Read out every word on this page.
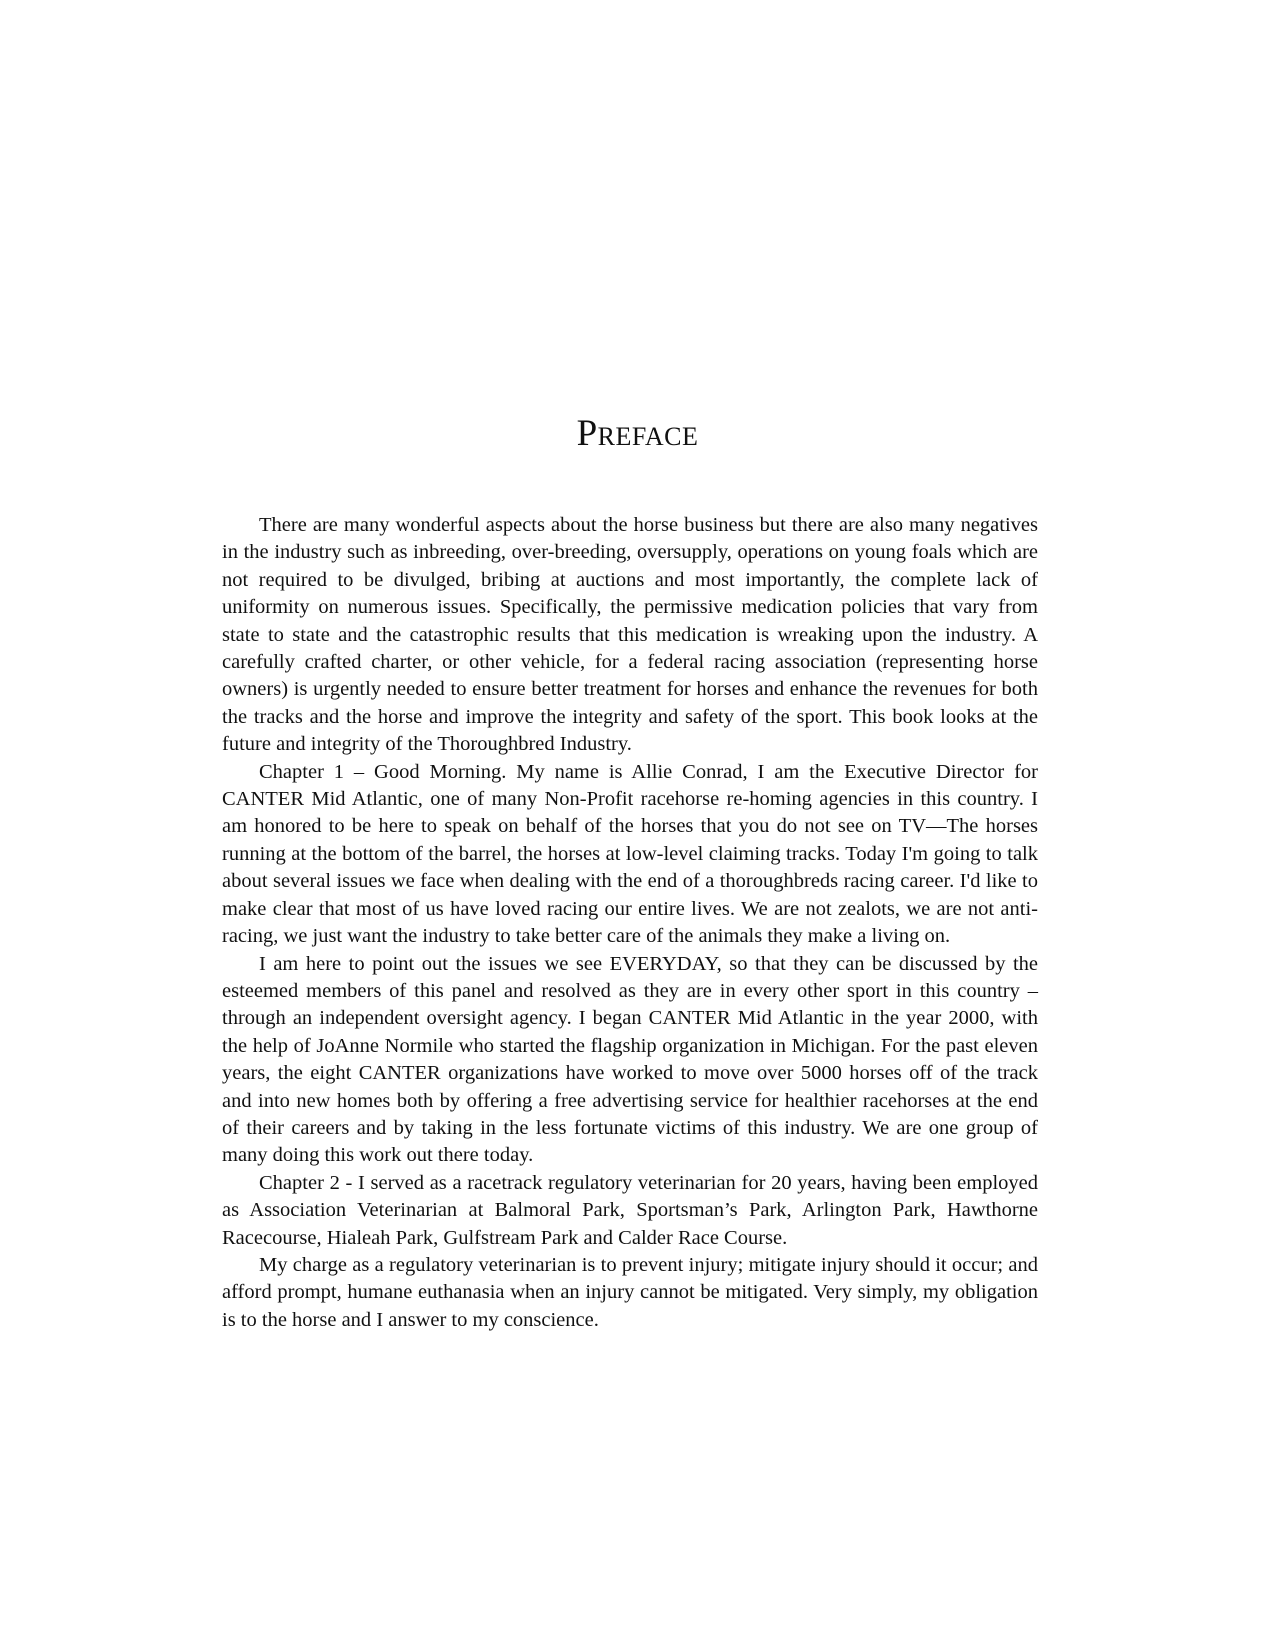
Preface

There are many wonderful aspects about the horse business but there are also many negatives in the industry such as inbreeding, over-breeding, oversupply, operations on young foals which are not required to be divulged, bribing at auctions and most importantly, the complete lack of uniformity on numerous issues. Specifically, the permissive medication policies that vary from state to state and the catastrophic results that this medication is wreaking upon the industry. A carefully crafted charter, or other vehicle, for a federal racing association (representing horse owners) is urgently needed to ensure better treatment for horses and enhance the revenues for both the tracks and the horse and improve the integrity and safety of the sport. This book looks at the future and integrity of the Thoroughbred Industry.

Chapter 1 – Good Morning. My name is Allie Conrad, I am the Executive Director for CANTER Mid Atlantic, one of many Non-Profit racehorse re-homing agencies in this country. I am honored to be here to speak on behalf of the horses that you do not see on TV—The horses running at the bottom of the barrel, the horses at low-level claiming tracks. Today I'm going to talk about several issues we face when dealing with the end of a thoroughbreds racing career. I'd like to make clear that most of us have loved racing our entire lives. We are not zealots, we are not anti-racing, we just want the industry to take better care of the animals they make a living on.

I am here to point out the issues we see EVERYDAY, so that they can be discussed by the esteemed members of this panel and resolved as they are in every other sport in this country – through an independent oversight agency. I began CANTER Mid Atlantic in the year 2000, with the help of JoAnne Normile who started the flagship organization in Michigan. For the past eleven years, the eight CANTER organizations have worked to move over 5000 horses off of the track and into new homes both by offering a free advertising service for healthier racehorses at the end of their careers and by taking in the less fortunate victims of this industry. We are one group of many doing this work out there today.

Chapter 2 - I served as a racetrack regulatory veterinarian for 20 years, having been employed as Association Veterinarian at Balmoral Park, Sportsman’s Park, Arlington Park, Hawthorne Racecourse, Hialeah Park, Gulfstream Park and Calder Race Course.

My charge as a regulatory veterinarian is to prevent injury; mitigate injury should it occur; and afford prompt, humane euthanasia when an injury cannot be mitigated. Very simply, my obligation is to the horse and I answer to my conscience.
